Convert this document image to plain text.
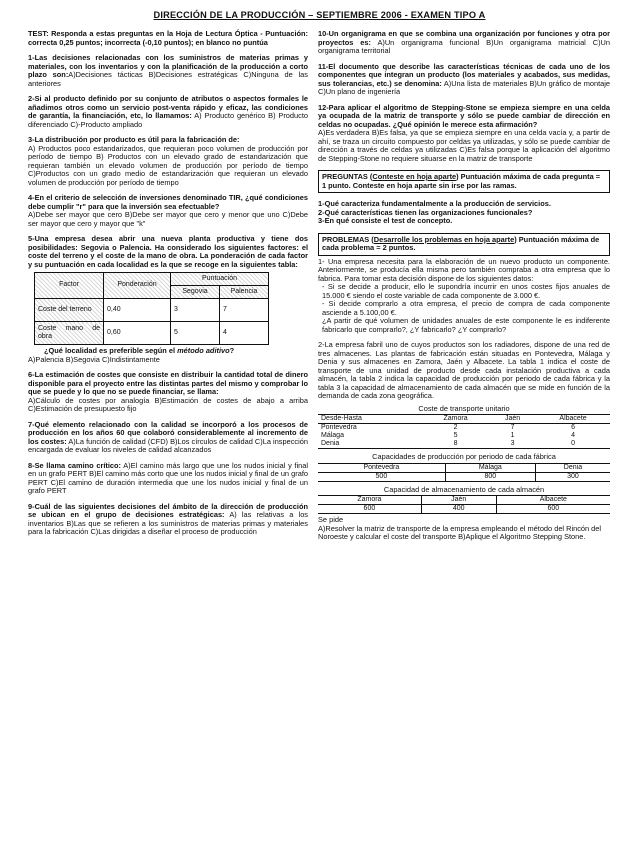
DIRECCIÓN DE LA PRODUCCIÓN – SEPTIEMBRE 2006 - EXAMEN TIPO A

TEST: Responda a estas preguntas en la Hoja de Lectura Óptica - Puntuación: correcta 0,25 puntos; incorrecta (-0,10 puntos); en blanco no puntúa

1-Las decisiones relacionadas con los suministros de materias primas y materiales, con los inventarios y con la planificación de la producción a corto plazo son:A)Decisiones tácticas B)Decisiones estratégicas C)Ninguna de las anteriores

2-Si al producto definido por su conjunto de atributos o aspectos formales le añadimos otros como un servicio post-venta rápido y eficaz, las condiciones de garantía, la financiación, etc, lo llamamos: A) Producto genérico B) Producto diferenciado C)-Producto ampliado

3-La distribución por producto es útil para la fabricación de:
A) Productos poco estandarizados, que requieran poco volumen de producción por período de tiempo B) Productos con un elevado grado de estandarización que requieran también un elevado volumen de producción por período de tiempo C)Productos con un grado medio de estandarización que requieran un elevado volumen de producción por período de tiempo

4-En el criterio de selección de inversiones denominado TIR, ¿qué condiciones debe cumplir "r" para que la inversión sea efectuable?
A)Debe ser mayor que cero B)Debe ser mayor que cero y menor que uno C)Debe ser mayor que cero y mayor que "k"

5-Una empresa desea abrir una nueva planta productiva y tiene dos posibilidades: Segovia o Palencia. Ha considerado los siguientes factores: el coste del terreno y el coste de la mano de obra. La ponderación de cada factor y su puntuación en cada localidad es la que se recoge en la siguientes tabla:
Factor	Ponderación	Puntuación	
		Segovia	Palencia
Coste del terreno	0,40	3	7
Coste mano de obra	0,60	5	4
¿Qué localidad es preferible según el método aditivo?
A)Palencia B)Segovia C)Indistintamente

6-La estimación de costes que consiste en distribuir la cantidad total de dinero disponible para el proyecto entre las distintas partes del mismo y comprobar lo que se puede y lo que no se puede financiar, se llama:
A)Cálculo de costes por analogía B)Estimación de costes de abajo a arriba C)Estimación de presupuesto fijo

7-Qué elemento relacionado con la calidad se incorporó a los procesos de producción en los años 60 que colaboró considerablemente al incremento de los costes: A)La función de calidad (CFD) B)Los círculos de calidad C)La inspección encargada de evaluar los niveles de calidad alcanzados

8-Se llama camino crítico: A)El camino más largo que une los nudos inicial y final en un grafo PERT B)El camino más corto que une los nudos inicial y final de un grafo PERT C)El camino de duración intermedia que une los nudos inicial y final de un grafo PERT

9-Cuál de las siguientes decisiones del ámbito de la dirección de producción se ubican en el grupo de decisiones estratégicas: A) las relativas a los inventarios B)Las que se refieren a los suministros de materias primas y materiales para la fabricación C)Las dirigidas a diseñar el proceso de producción

10-Un organigrama en que se combina una organización por funciones y otra por proyectos es: A)Un organigrama funcional B)Un organigrama matricial C)Un organigrama territorial

11-El documento que describe las características técnicas de cada uno de los componentes que integran un producto (los materiales y acabados, sus medidas, sus tolerancias, etc.) se denomina: A)Una lista de materiales B)Un gráfico de montaje C)Un plano de ingeniería

12-Para aplicar el algoritmo de Stepping-Stone se empieza siempre en una celda ya ocupada de la matriz de transporte y sólo se puede cambiar de dirección en celdas no ocupadas. ¿Qué opinión le merece esta afirmación?
A)Es verdadera B)Es falsa, ya que se empieza siempre en una celda vacía y, a partir de ahí, se traza un circuito compuesto por celdas ya utilizadas, y sólo se puede cambiar de dirección a través de celdas ya utilizadas C)Es falsa porque la aplicación del algoritmo de Stepping-Stone no requiere situarse en la matriz de transporte

PREGUNTAS (Conteste en hoja aparte) Puntuación máxima de cada pregunta = 1 punto. Conteste en hoja aparte sin irse por las ramas.
1-Qué caracteriza fundamentalmente a la producción de servicios.
2-Qué características tienen las organizaciones funcionales?
3-En qué consiste el test de concepto.
PROBLEMAS (Desarrolle los problemas en hoja aparte) Puntuación máxima de cada problema = 2 puntos.
1- Una empresa necesita para la elaboración de un nuevo producto un componente. Anteriormente, se producía ella misma pero también compraba a otra empresa que lo fabrica. Para tomar esta decisión dispone de los siguientes datos:
- Si se decide a producir, ello le supondría incurrir en unos costes fijos anuales de 15.000 € siendo el coste variable de cada componente de 3.000 €.
- Si decide comprarlo a otra empresa, el precio de compra de cada componente asciende a 5.100,00 €.
¿A partir de qué volumen de unidades anuales de este componente le es indiferente fabricarlo que comprarlo?, ¿Y fabricarlo? ¿Y comprarlo?
2-La empresa fabril uno de cuyos productos son los radiadores, dispone de una red de tres almacenes. Las plantas de fabricación están situadas en Pontevedra, Málaga y Denia y sus almacenes en Zamora, Jaén y Albacete. La tabla 1 indica el coste de transporte de una unidad de producto desde cada instalación productiva a cada almacén, la tabla 2 indica la capacidad de producción por periodo de cada fábrica y la tabla 3 la capacidad de almacenamiento de cada almacén que se mide en función de la demanda de cada zona geográfica.
Coste de transporte unitario
Desde-Hasta	Zamora	Jaén	Albacete
Pontevedra	2	7	6
Málaga	5	1	4
Denia	8	3	0
Capacidades de producción por periodo de cada fábrica
Pontevedra	Málaga	Denia
500	800	300
Capacidad de almacenamiento de cada almacén
Zamora	Jaén	Albacete
600	400	600
Se pide
A)Resolver la matriz de transporte de la empresa empleando el método del Rincón del Noroeste y calcular el coste del transporte B)Aplique el Algoritmo Stepping Stone.
